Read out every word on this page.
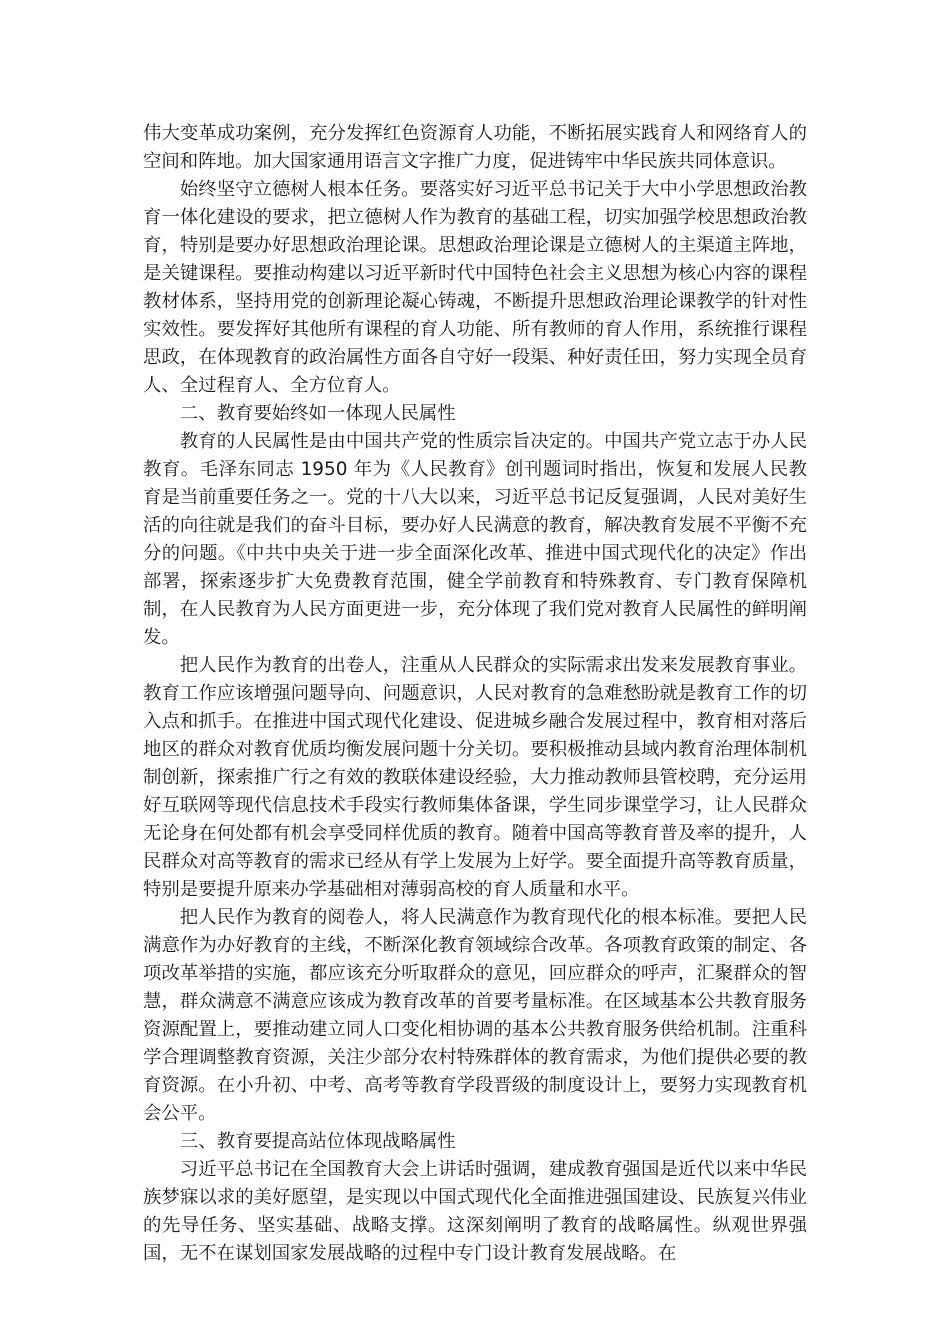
伟大变革成功案例，充分发挥红色资源育人功能，不断拓展实践育人和网络育人的空间和阵地。加大国家通用语言文字推广力度，促进铸牢中华民族共同体意识。

始终坚守立德树人根本任务。要落实好习近平总书记关于大中小学思想政治教育一体化建设的要求，把立德树人作为教育的基础工程，切实加强学校思想政治教育，特别是要办好思想政治理论课。思想政治理论课是立德树人的主渠道主阵地，是关键课程。要推动构建以习近平新时代中国特色社会主义思想为核心内容的课程教材体系，坚持用党的创新理论凝心铸魂，不断提升思想政治理论课教学的针对性实效性。要发挥好其他所有课程的育人功能、所有教师的育人作用，系统推行课程思政，在体现教育的政治属性方面各自守好一段渠、种好责任田，努力实现全员育人、全过程育人、全方位育人。

二、教育要始终如一体现人民属性

教育的人民属性是由中国共产党的性质宗旨决定的。中国共产党立志于办人民教育。毛泽东同志 1950 年为《人民教育》创刊题词时指出，恢复和发展人民教育是当前重要任务之一。党的十八大以来，习近平总书记反复强调，人民对美好生活的向往就是我们的奋斗目标，要办好人民满意的教育，解决教育发展不平衡不充分的问题。《中共中央关于进一步全面深化改革、推进中国式现代化的决定》作出部署，探索逐步扩大免费教育范围，健全学前教育和特殊教育、专门教育保障机制，在人民教育为人民方面更进一步，充分体现了我们党对教育人民属性的鲜明阐发。

把人民作为教育的出卷人，注重从人民群众的实际需求出发来发展教育事业。教育工作应该增强问题导向、问题意识，人民对教育的急难愁盼就是教育工作的切入点和抓手。在推进中国式现代化建设、促进城乡融合发展过程中，教育相对落后地区的群众对教育优质均衡发展问题十分关切。要积极推动县域内教育治理体制机制创新，探索推广行之有效的教联体建设经验，大力推动教师县管校聘，充分运用好互联网等现代信息技术手段实行教师集体备课，学生同步课堂学习，让人民群众无论身在何处都有机会享受同样优质的教育。随着中国高等教育普及率的提升，人民群众对高等教育的需求已经从有学上发展为上好学。要全面提升高等教育质量，特别是要提升原来办学基础相对薄弱高校的育人质量和水平。

把人民作为教育的阅卷人，将人民满意作为教育现代化的根本标准。要把人民满意作为办好教育的主线，不断深化教育领域综合改革。各项教育政策的制定、各项改革举措的实施，都应该充分听取群众的意见，回应群众的呼声，汇聚群众的智慧，群众满意不满意应该成为教育改革的首要考量标准。在区域基本公共教育服务资源配置上，要推动建立同人口变化相协调的基本公共教育服务供给机制。注重科学合理调整教育资源，关注少部分农村特殊群体的教育需求，为他们提供必要的教育资源。在小升初、中考、高考等教育学段晋级的制度设计上，要努力实现教育机会公平。

三、教育要提高站位体现战略属性

习近平总书记在全国教育大会上讲话时强调，建成教育强国是近代以来中华民族梦寐以求的美好愿望，是实现以中国式现代化全面推进强国建设、民族复兴伟业的先导任务、坚实基础、战略支撑。这深刻阐明了教育的战略属性。纵观世界强国，无不在谋划国家发展战略的过程中专门设计教育发展战略。在
